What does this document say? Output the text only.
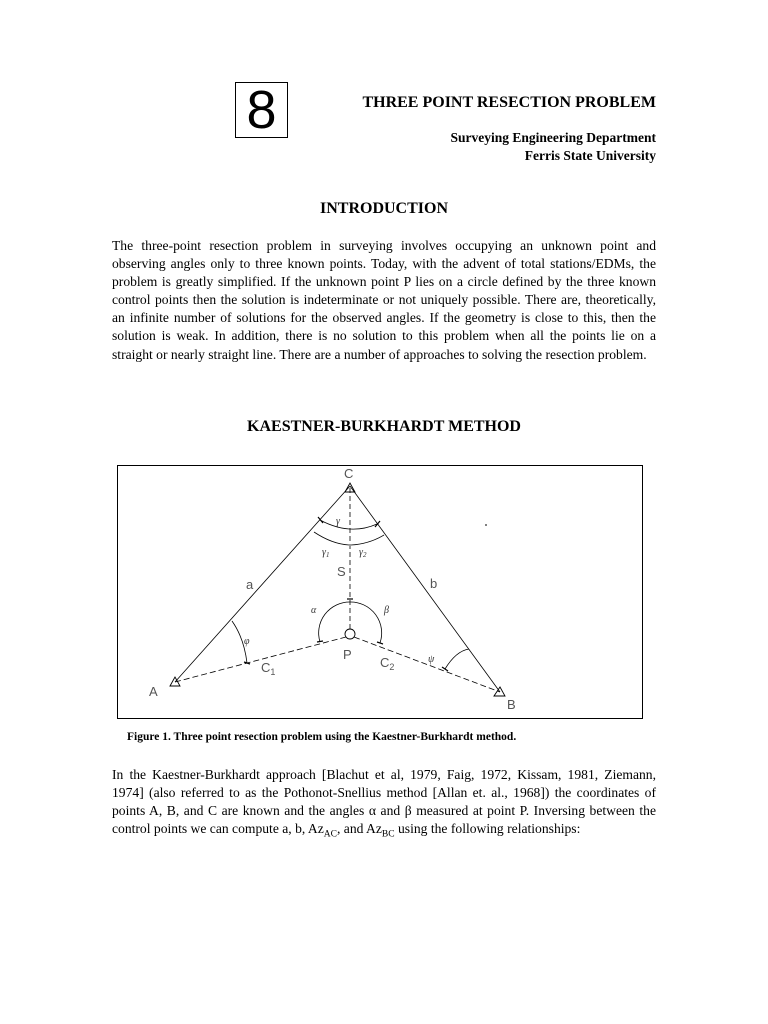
8	THREE POINT RESECTION PROBLEM
Surveying Engineering Department
Ferris State University
INTRODUCTION
The three-point resection problem in surveying involves occupying an unknown point and observing angles only to three known points. Today, with the advent of total stations/EDMs, the problem is greatly simplified. If the unknown point P lies on a circle defined by the three known control points then the solution is indeterminate or not uniquely possible. There are, theoretically, an infinite number of solutions for the observed angles. If the geometry is close to this, then the solution is weak. In addition, there is no solution to this problem when all the points lie on a straight or nearly straight line. There are a number of approaches to solving the resection problem.
KAESTNER-BURKHARDT METHOD
C
A
B
P
a	b
S
$C_1$
$C_2$
γ
$\gamma_1$	$\gamma_2$
α	β
φ
ψ
Figure 1. Three point resection problem using the Kaestner-Burkhardt method.
In the Kaestner-Burkhardt approach [Blachut et al, 1979, Faig, 1972, Kissam, 1981, Ziemann, 1974] (also referred to as the Pothonot-Snellius method [Allan et. al., 1968]) the coordinates of points A, B, and C are known and the angles α and β measured at point P. Inversing between the control points we can compute a, b, $Az_{AC}$, and $Az_{BC}$ using the following relationships:
